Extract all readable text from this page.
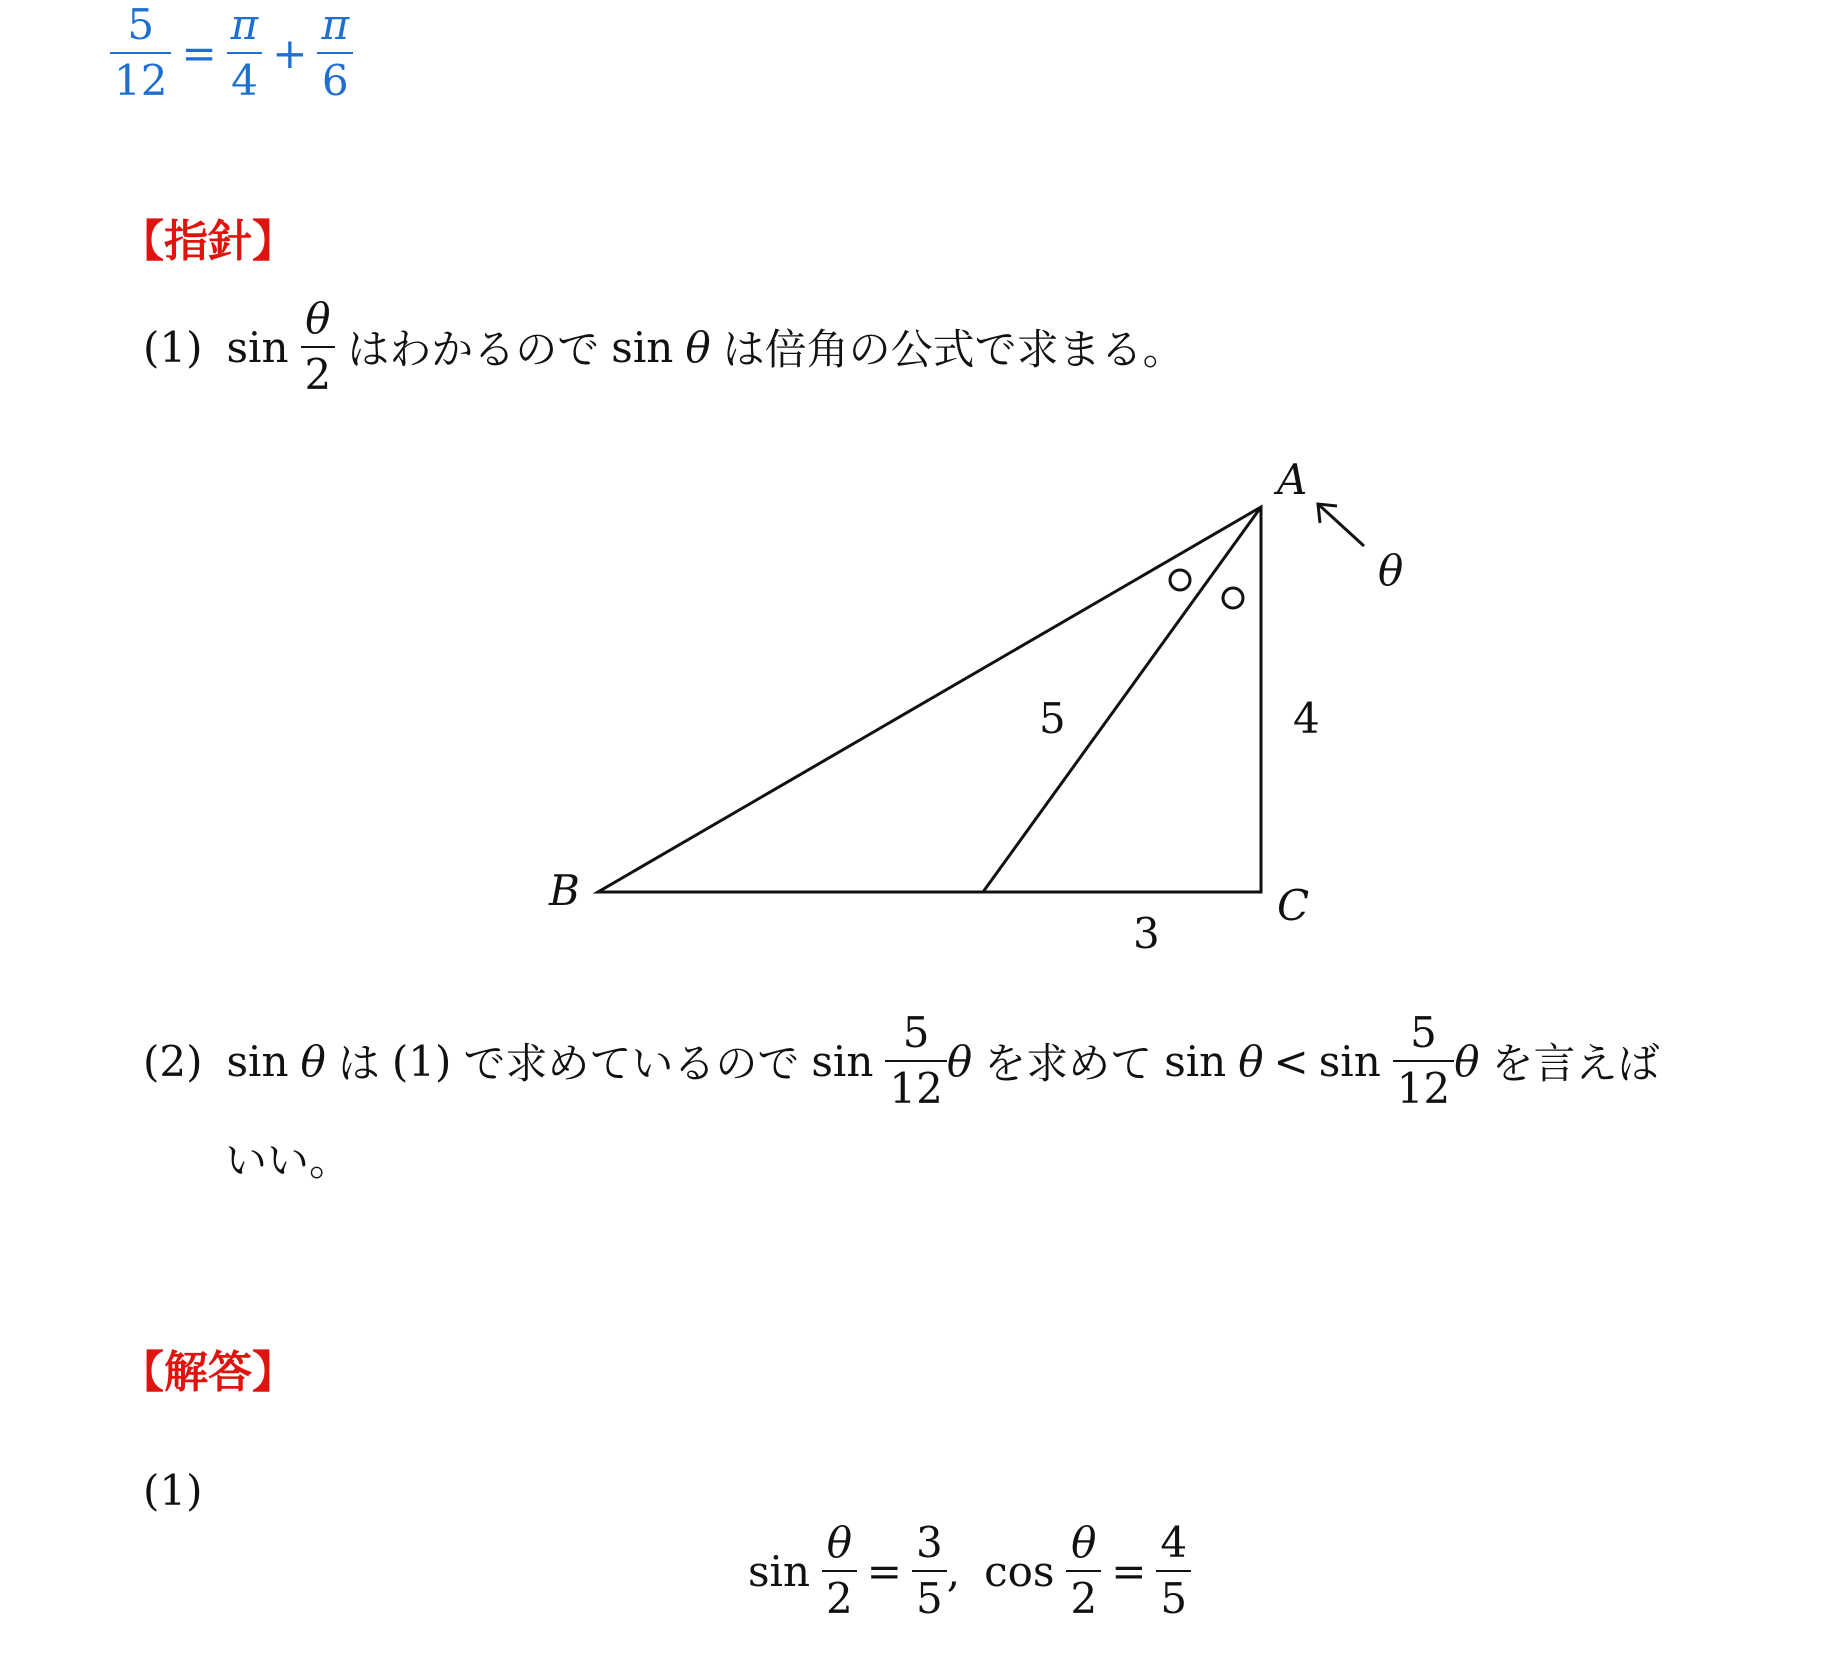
$\frac{5}{12} = \frac{\pi}{4} + \frac{\pi}{6}$
【指針】
(1) $\sin \frac{\theta}{2}$ はわかるので sin θ は倍角の公式で求まる。
A
B	C
θ
5	4
3
(2) sin θ は (1) で求めているので $\sin \frac{5}{12}$ θ を求めて $\sin \theta < \sin \frac{5}{12}$ θ を言えば
いい。
【解答】
(1)
$\sin \frac{\theta}{2} = \frac{3}{5}$ , $\cos \frac{\theta}{2} = \frac{4}{5}$
